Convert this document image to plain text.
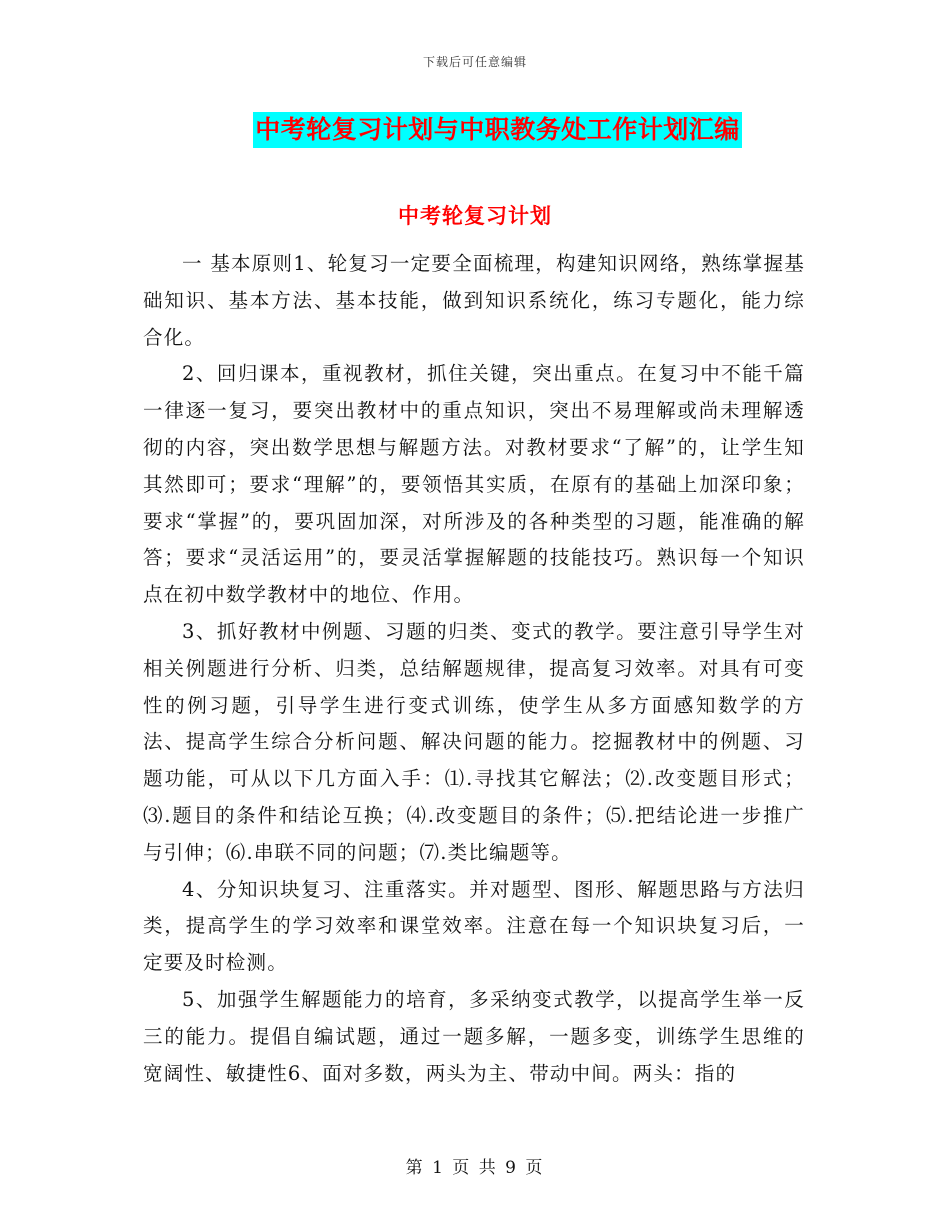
下载后可任意编辑
中考轮复习计划与中职教务处工作计划汇编
中考轮复习计划

一 基本原则1、轮复习一定要全面梳理，构建知识网络，熟练掌握基础知识、基本方法、基本技能，做到知识系统化，练习专题化，能力综合化。

2、回归课本，重视教材，抓住关键，突出重点。在复习中不能千篇一律逐一复习，要突出教材中的重点知识，突出不易理解或尚未理解透彻的内容，突出数学思想与解题方法。对教材要求“了解”的，让学生知其然即可；要求“理解”的，要领悟其实质，在原有的基础上加深印象；要求“掌握”的，要巩固加深，对所涉及的各种类型的习题，能准确的解答；要求“灵活运用”的，要灵活掌握解题的技能技巧。熟识每一个知识点在初中数学教材中的地位、作用。

3、抓好教材中例题、习题的归类、变式的教学。要注意引导学生对相关例题进行分析、归类，总结解题规律，提高复习效率。对具有可变性的例习题，引导学生进行变式训练，使学生从多方面感知数学的方法、提高学生综合分析问题、解决问题的能力。挖掘教材中的例题、习题功能，可从以下几方面入手：⑴.寻找其它解法；⑵.改变题目形式；⑶.题目的条件和结论互换；⑷.改变题目的条件；⑸.把结论进一步推广与引伸；⑹.串联不同的问题；⑺.类比编题等。

4、分知识块复习、注重落实。并对题型、图形、解题思路与方法归类，提高学生的学习效率和课堂效率。注意在每一个知识块复习后，一定要及时检测。

5、加强学生解题能力的培育，多采纳变式教学，以提高学生举一反三的能力。提倡自编试题，通过一题多解，一题多变，训练学生思维的宽阔性、敏捷性6、面对多数，两头为主、带动中间。两头：指的

第 1 页 共 9 页
